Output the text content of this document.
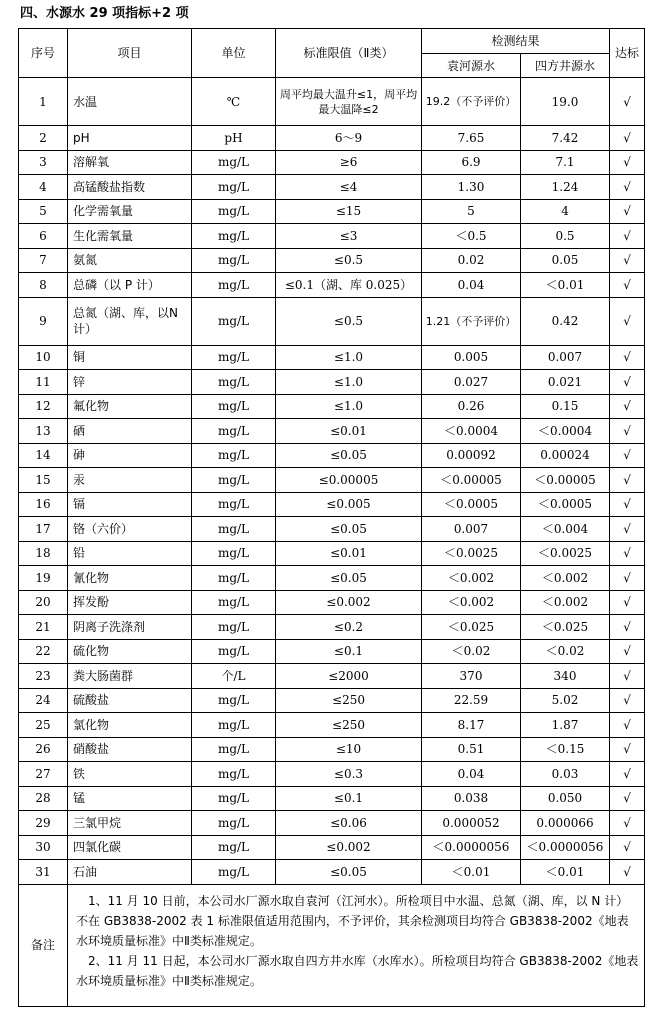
四、水源水 29 项指标+2 项
序号	项目	单位	标准限值（Ⅱ类）	检测结果		达标
				袁河源水	四方井源水	
1	水温	℃	周平均最大温升≤1，周平均最大温降≤2	19.2（不予评价）	19.0	√
2	pH	pH	6～9	7.65	7.42	√
3	溶解氧	mg/L	≥6	6.9	7.1	√
4	高锰酸盐指数	mg/L	≤4	1.30	1.24	√
5	化学需氧量	mg/L	≤15	5	4	√
6	生化需氧量	mg/L	≤3	＜0.5	0.5	√
7	氨氮	mg/L	≤0.5	0.02	0.05	√
8	总磷（以 P 计）	mg/L	≤0.1（湖、库 0.025）	0.04	＜0.01	√
9	总氮（湖、库，以N 计）	mg/L	≤0.5	1.21（不予评价）	0.42	√
10	铜	mg/L	≤1.0	0.005	0.007	√
11	锌	mg/L	≤1.0	0.027	0.021	√
12	氟化物	mg/L	≤1.0	0.26	0.15	√
13	硒	mg/L	≤0.01	＜0.0004	＜0.0004	√
14	砷	mg/L	≤0.05	0.00092	0.00024	√
15	汞	mg/L	≤0.00005	＜0.00005	＜0.00005	√
16	镉	mg/L	≤0.005	＜0.0005	＜0.0005	√
17	铬（六价）	mg/L	≤0.05	0.007	＜0.004	√
18	铅	mg/L	≤0.01	＜0.0025	＜0.0025	√
19	氰化物	mg/L	≤0.05	＜0.002	＜0.002	√
20	挥发酚	mg/L	≤0.002	＜0.002	＜0.002	√
21	阴离子洗涤剂	mg/L	≤0.2	＜0.025	＜0.025	√
22	硫化物	mg/L	≤0.1	＜0.02	＜0.02	√
23	粪大肠菌群	个/L	≤2000	370	340	√
24	硫酸盐	mg/L	≤250	22.59	5.02	√
25	氯化物	mg/L	≤250	8.17	1.87	√
26	硝酸盐	mg/L	≤10	0.51	＜0.15	√
27	铁	mg/L	≤0.3	0.04	0.03	√
28	锰	mg/L	≤0.1	0.038	0.050	√
29	三氯甲烷	mg/L	≤0.06	0.000052	0.000066	√
30	四氯化碳	mg/L	≤0.002	＜0.0000056	＜0.0000056	√
31	石油	mg/L	≤0.05	＜0.01	＜0.01	√
备注	1、11 月 10 日前，本公司水厂源水取自袁河（江河水）。所检项目中水温、总氮（湖、库，以 N 计）不在 GB3838-2002 表 1 标准限值适用范围内，不予评价，其余检测项目均符合 GB3838-2002《地表水环境质量标准》中Ⅱ类标准规定。
2、11 月 11 日起，本公司水厂源水取自四方井水库（水库水）。所检项目均符合 GB3838-2002《地表水环境质量标准》中Ⅱ类标准规定。					
